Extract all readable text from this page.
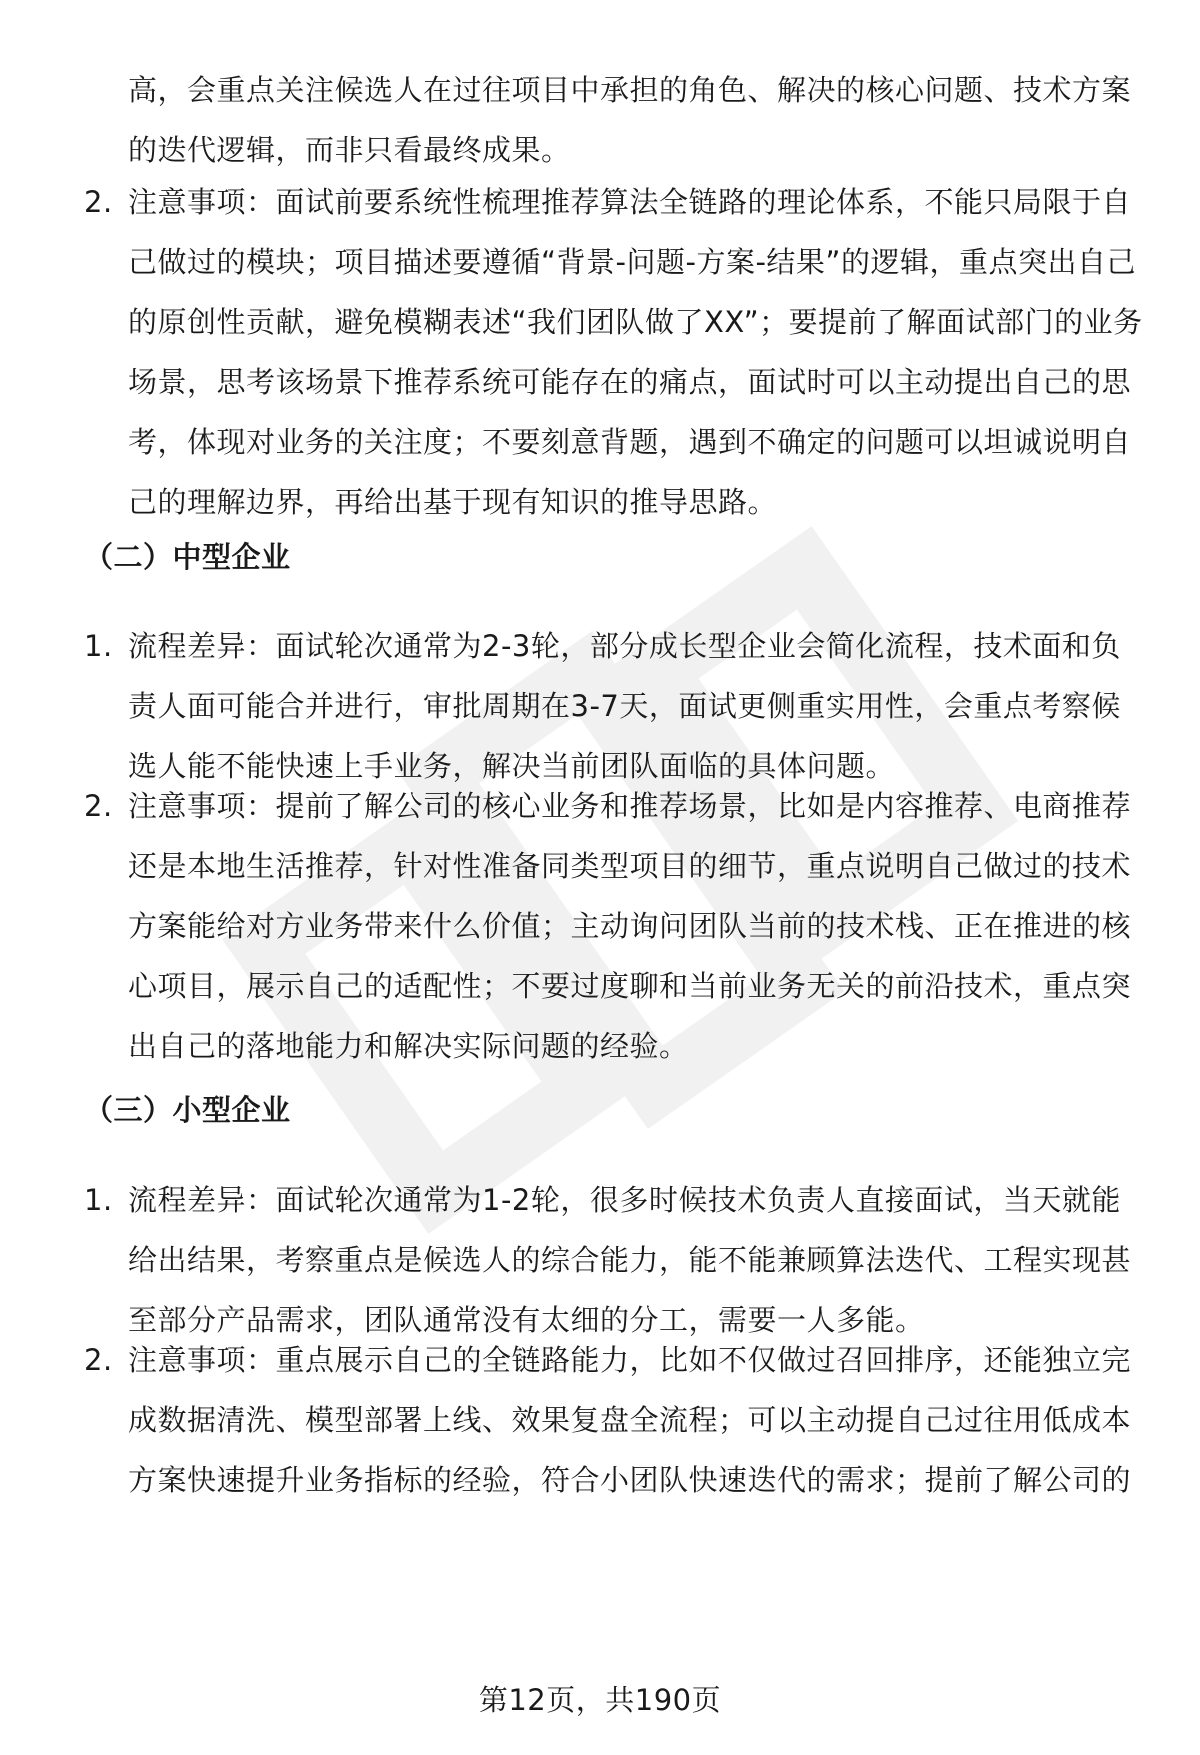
高，会重点关注候选人在过往项目中承担的角色、解决的核心问题、技术方案的迭代逻辑，而非只看最终成果。

2. 注意事项：面试前要系统性梳理推荐算法全链路的理论体系，不能只局限于自己做过的模块；项目描述要遵循“背景-问题-方案-结果”的逻辑，重点突出自己的原创性贡献，避免模糊表述“我们团队做了XX”；要提前了解面试部门的业务场景，思考该场景下推荐系统可能存在的痛点，面试时可以主动提出自己的思考，体现对业务的关注度；不要刻意背题，遇到不确定的问题可以坦诚说明自己的理解边界，再给出基于现有知识的推导思路。
（二）中型企业
1. 流程差异：面试轮次通常为2-3轮，部分成长型企业会简化流程，技术面和负责人面可能合并进行，审批周期在3-7天，面试更侧重实用性，会重点考察候选人能不能快速上手业务，解决当前团队面临的具体问题。
2. 注意事项：提前了解公司的核心业务和推荐场景，比如是内容推荐、电商推荐还是本地生活推荐，针对性准备同类型项目的细节，重点说明自己做过的技术方案能给对方业务带来什么价值；主动询问团队当前的技术栈、正在推进的核心项目，展示自己的适配性；不要过度聊和当前业务无关的前沿技术，重点突出自己的落地能力和解决实际问题的经验。
（三）小型企业
1. 流程差异：面试轮次通常为1-2轮，很多时候技术负责人直接面试，当天就能给出结果，考察重点是候选人的综合能力，能不能兼顾算法迭代、工程实现甚至部分产品需求，团队通常没有太细的分工，需要一人多能。
2. 注意事项：重点展示自己的全链路能力，比如不仅做过召回排序，还能独立完成数据清洗、模型部署上线、效果复盘全流程；可以主动提自己过往用低成本方案快速提升业务指标的经验，符合小团队快速迭代的需求；提前了解公司的
第12页，共190页
